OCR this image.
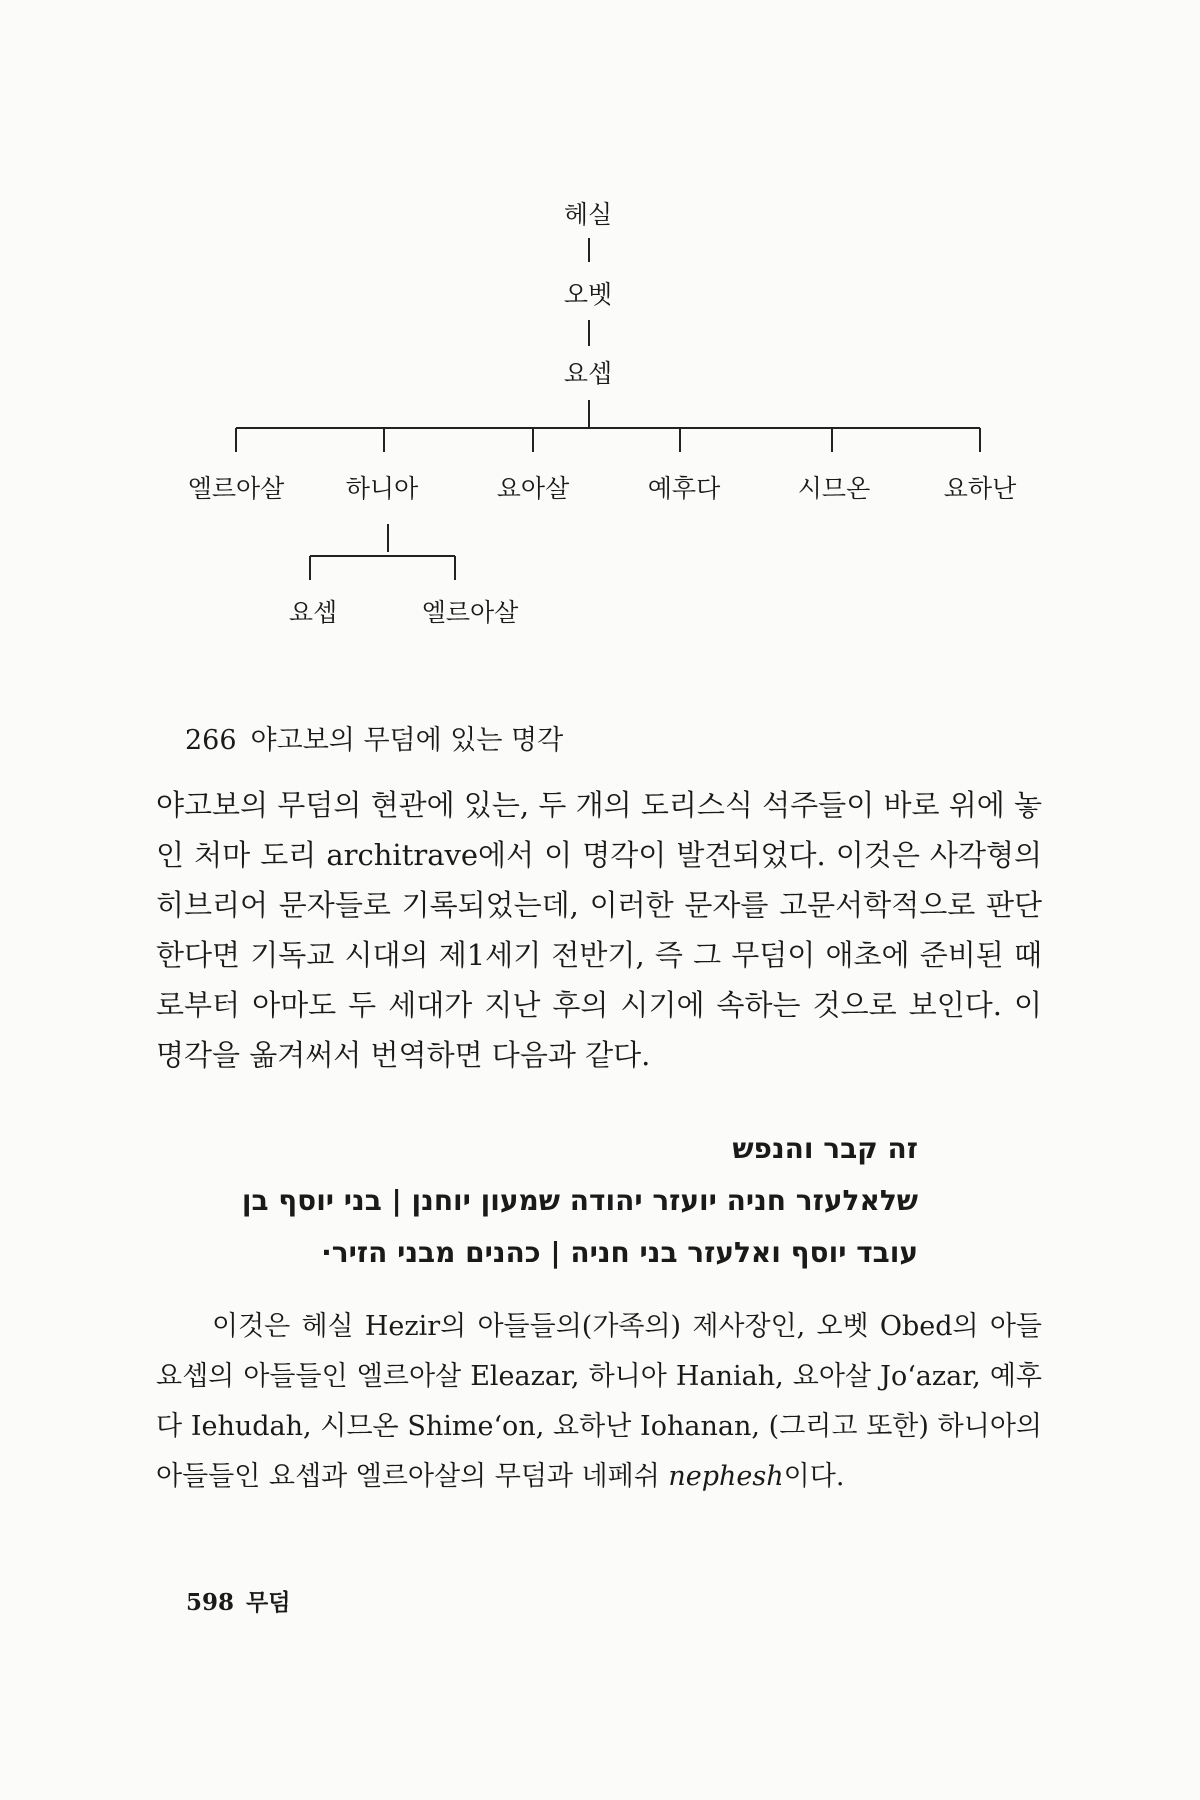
헤실
오벳
요셉
엘르아살 하니아	요아살	예후다	시므온	요하난
요셉	엘르아살
266 야고보의 무덤에 있는 명각

야고보의 무덤의 현관에 있는, 두 개의 도리스식 석주들이 바로 위에 놓인 처마 도리 architrave에서 이 명각이 발견되었다. 이것은 사각형의 히브리어 문자들로 기록되었는데, 이러한 문자를 고문서학적으로 판단한다면 기독교 시대의 제1세기 전반기, 즉 그 무덤이 애초에 준비된 때로부터 아마도 두 세대가 지난 후의 시기에 속하는 것으로 보인다. 이 명각을 옮겨써서 번역하면 다음과 같다.

זה קבר והנפש
שלאלעזר חניה יועזר יהודה שמעון יוחנן | בני יוסף בן
עובד יוסף ואלעזר בני חניה | כהנים מבני הזיר·

이것은 헤실 Hezir의 아들들의(가족의) 제사장인, 오벳 Obed의 아들 요셉의 아들들인 엘르아살 Eleazar, 하니아 Haniah, 요아살 Jo‘azar, 예후다 Iehudah, 시므온 Shime‘on, 요하난 Iohanan, (그리고 또한) 하니아의 아들들인 요셉과 엘르아살의 무덤과 네페쉬 nephesh이다.

598 무덤
